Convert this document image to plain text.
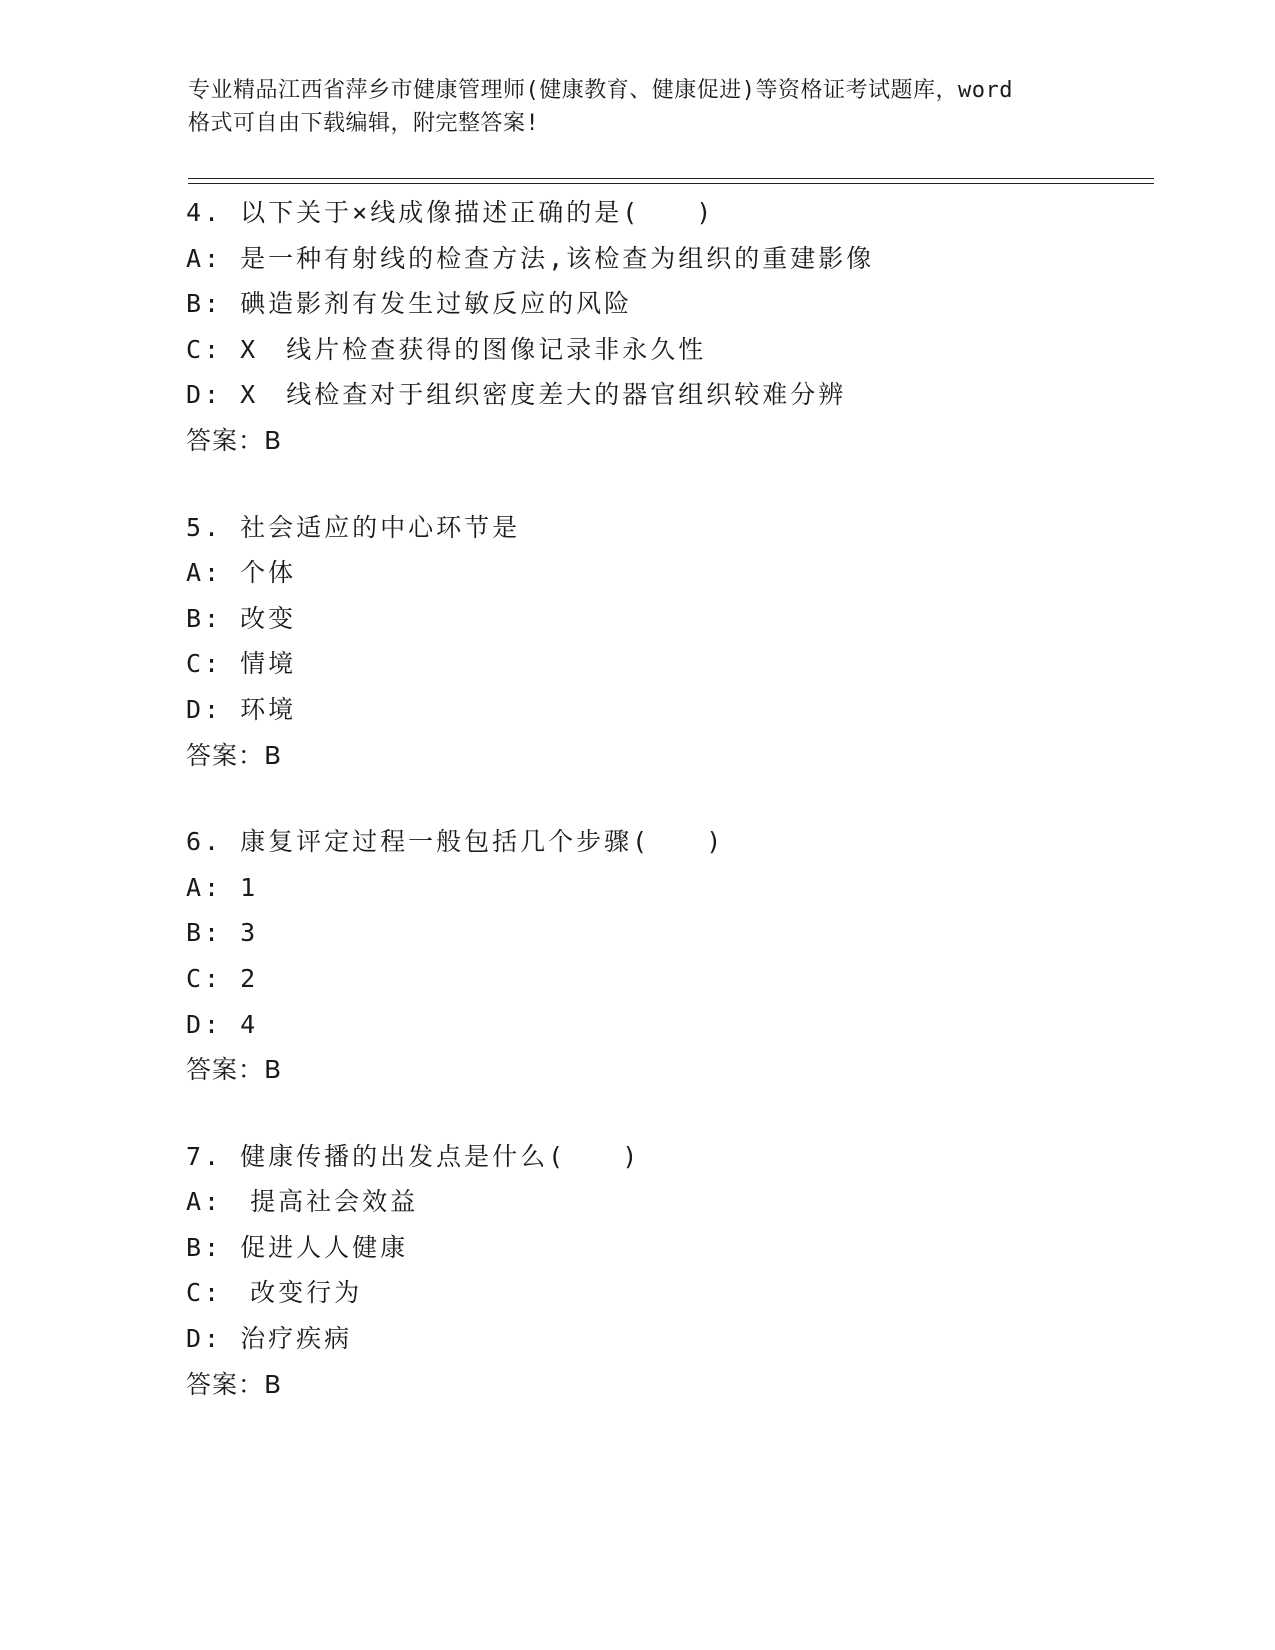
专业精品江西省萍乡市健康管理师(健康教育、健康促进)等资格证考试题库，word
格式可自由下载编辑，附完整答案!
4. 以下关于×线成像描述正确的是(　　)
A: 是一种有射线的检查方法,该检查为组织的重建影像
B: 碘造影剂有发生过敏反应的风险
C: X　线片检查获得的图像记录非永久性
D: X　线检查对于组织密度差大的器官组织较难分辨
答案：B
5. 社会适应的中心环节是
A: 个体
B: 改变
C: 情境
D: 环境
答案：B
6. 康复评定过程一般包括几个步骤(　　)
A: 1
B: 3
C: 2
D: 4
答案：B
7. 健康传播的出发点是什么(　　)
A:　提高社会效益
B: 促进人人健康
C:　改变行为
D: 治疗疾病
答案：B
